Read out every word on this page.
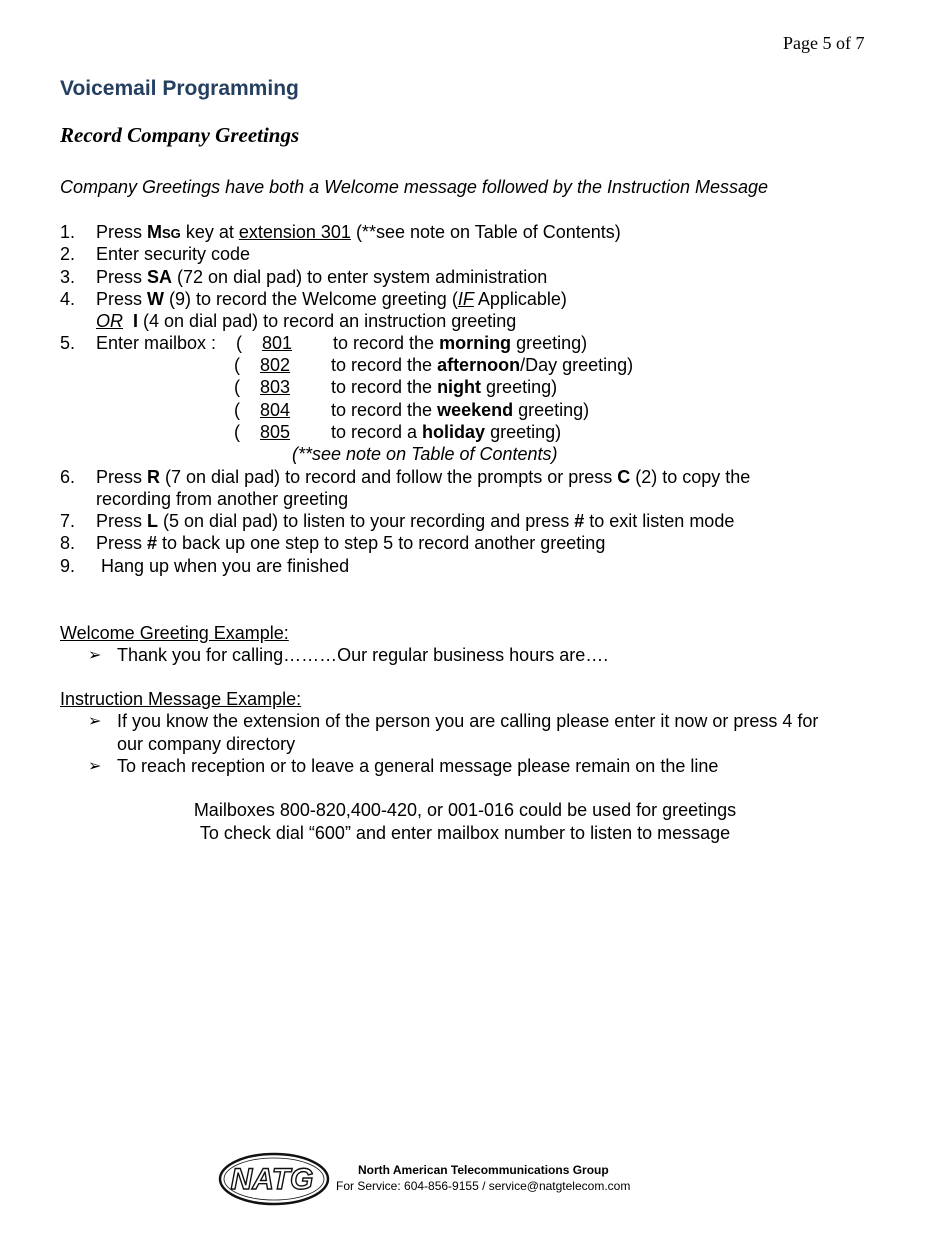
Page 5 of 7
Voicemail Programming
Record Company Greetings
Company Greetings have both a Welcome message followed by the Instruction Message
1. Press MSG key at extension 301 (**see note on Table of Contents)
2. Enter security code
3. Press SA (72 on dial pad) to enter system administration
4. Press W (9) to record the Welcome greeting (IF Applicable)
OR I (4 on dial pad) to record an instruction greeting
5. Enter mailbox : ( 801 to record the morning greeting)
( 802 to record the afternoon/Day greeting)
( 803 to record the night greeting)
( 804 to record the weekend greeting)
( 805 to record a holiday greeting)
(**see note on Table of Contents)
6. Press R (7 on dial pad) to record and follow the prompts or press C (2) to copy the
recording from another greeting
7. Press L (5 on dial pad) to listen to your recording and press # to exit listen mode
8. Press # to back up one step to step 5 to record another greeting
9. Hang up when you are finished
Welcome Greeting Example:
➢ Thank you for calling………Our regular business hours are….
Instruction Message Example:
➢ If you know the extension of the person you are calling please enter it now or press 4 for
our company directory
➢ To reach reception or to leave a general message please remain on the line
Mailboxes 800-820,400-420, or 001-016 could be used for greetings
To check dial “600” and enter mailbox number to listen to message
NATG	North American Telecommunications Group
For Service: 604-856-9155 / service@natgtelecom.com
